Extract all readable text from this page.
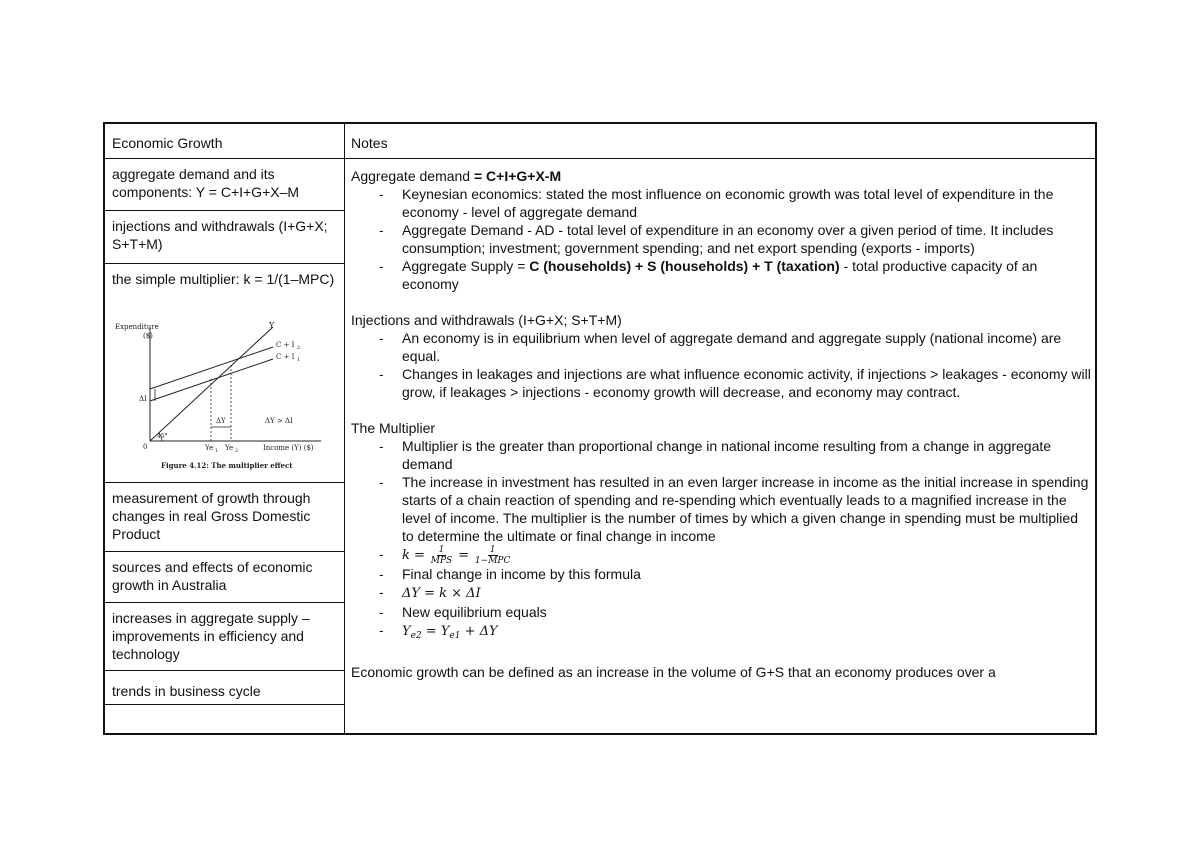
Economic Growth	Notes
aggregate demand and its components: Y = C+I+G+X–M
injections and withdrawals (I+G+X; S+T+M)
the simple multiplier: k = 1/(1–MPC)
Expenditure
($)
Y
C + I 2
C + I 1
ΔI
ΔY	ΔY > ΔI
0
45°
Ye 1 Ye 2	Income (Y) ($)
Figure 4.12: The multiplier effect
measurement of growth through changes in real Gross Domestic Product
sources and effects of economic growth in Australia
increases in aggregate supply – improvements in efficiency and technology
trends in business cycle

Aggregate demand = C+I+G+X-M

- Keynesian economics: stated the most influence on economic growth was total level of expenditure in the economy - level of aggregate demand
- Aggregate Demand - AD - total level of expenditure in an economy over a given period of time. It includes consumption; investment; government spending; and net export spending (exports - imports)
- Aggregate Supply = C (households) + S (households) + T (taxation) - total productive capacity of an economy

Injections and withdrawals (I+G+X; S+T+M)

- An economy is in equilibrium when level of aggregate demand and aggregate supply (national income) are equal.
- Changes in leakages and injections are what influence economic activity, if injections > leakages - economy will grow, if leakages > injections - economy growth will decrease, and economy may contract.

The Multiplier

- Multiplier is the greater than proportional change in national income resulting from a change in aggregate demand
- The increase in investment has resulted in an even larger increase in income as the initial increase in spending starts of a chain reaction of spending and re-spending which eventually leads to a magnified increase in the level of income. The multiplier is the number of times by which a given change in spending must be multiplied to determine the ultimate or final change in income
- $k = \frac{1}{\text{MPS}} = \frac{1}{\text{1−MPC}}$
- Final change in income by this formula
- ΔY = k × ΔI
- New equilibrium equals
- $Y_{e2} = Y_{e1} + \Delta Y$

Economic growth can be defined as an increase in the volume of G+S that an economy produces over a
